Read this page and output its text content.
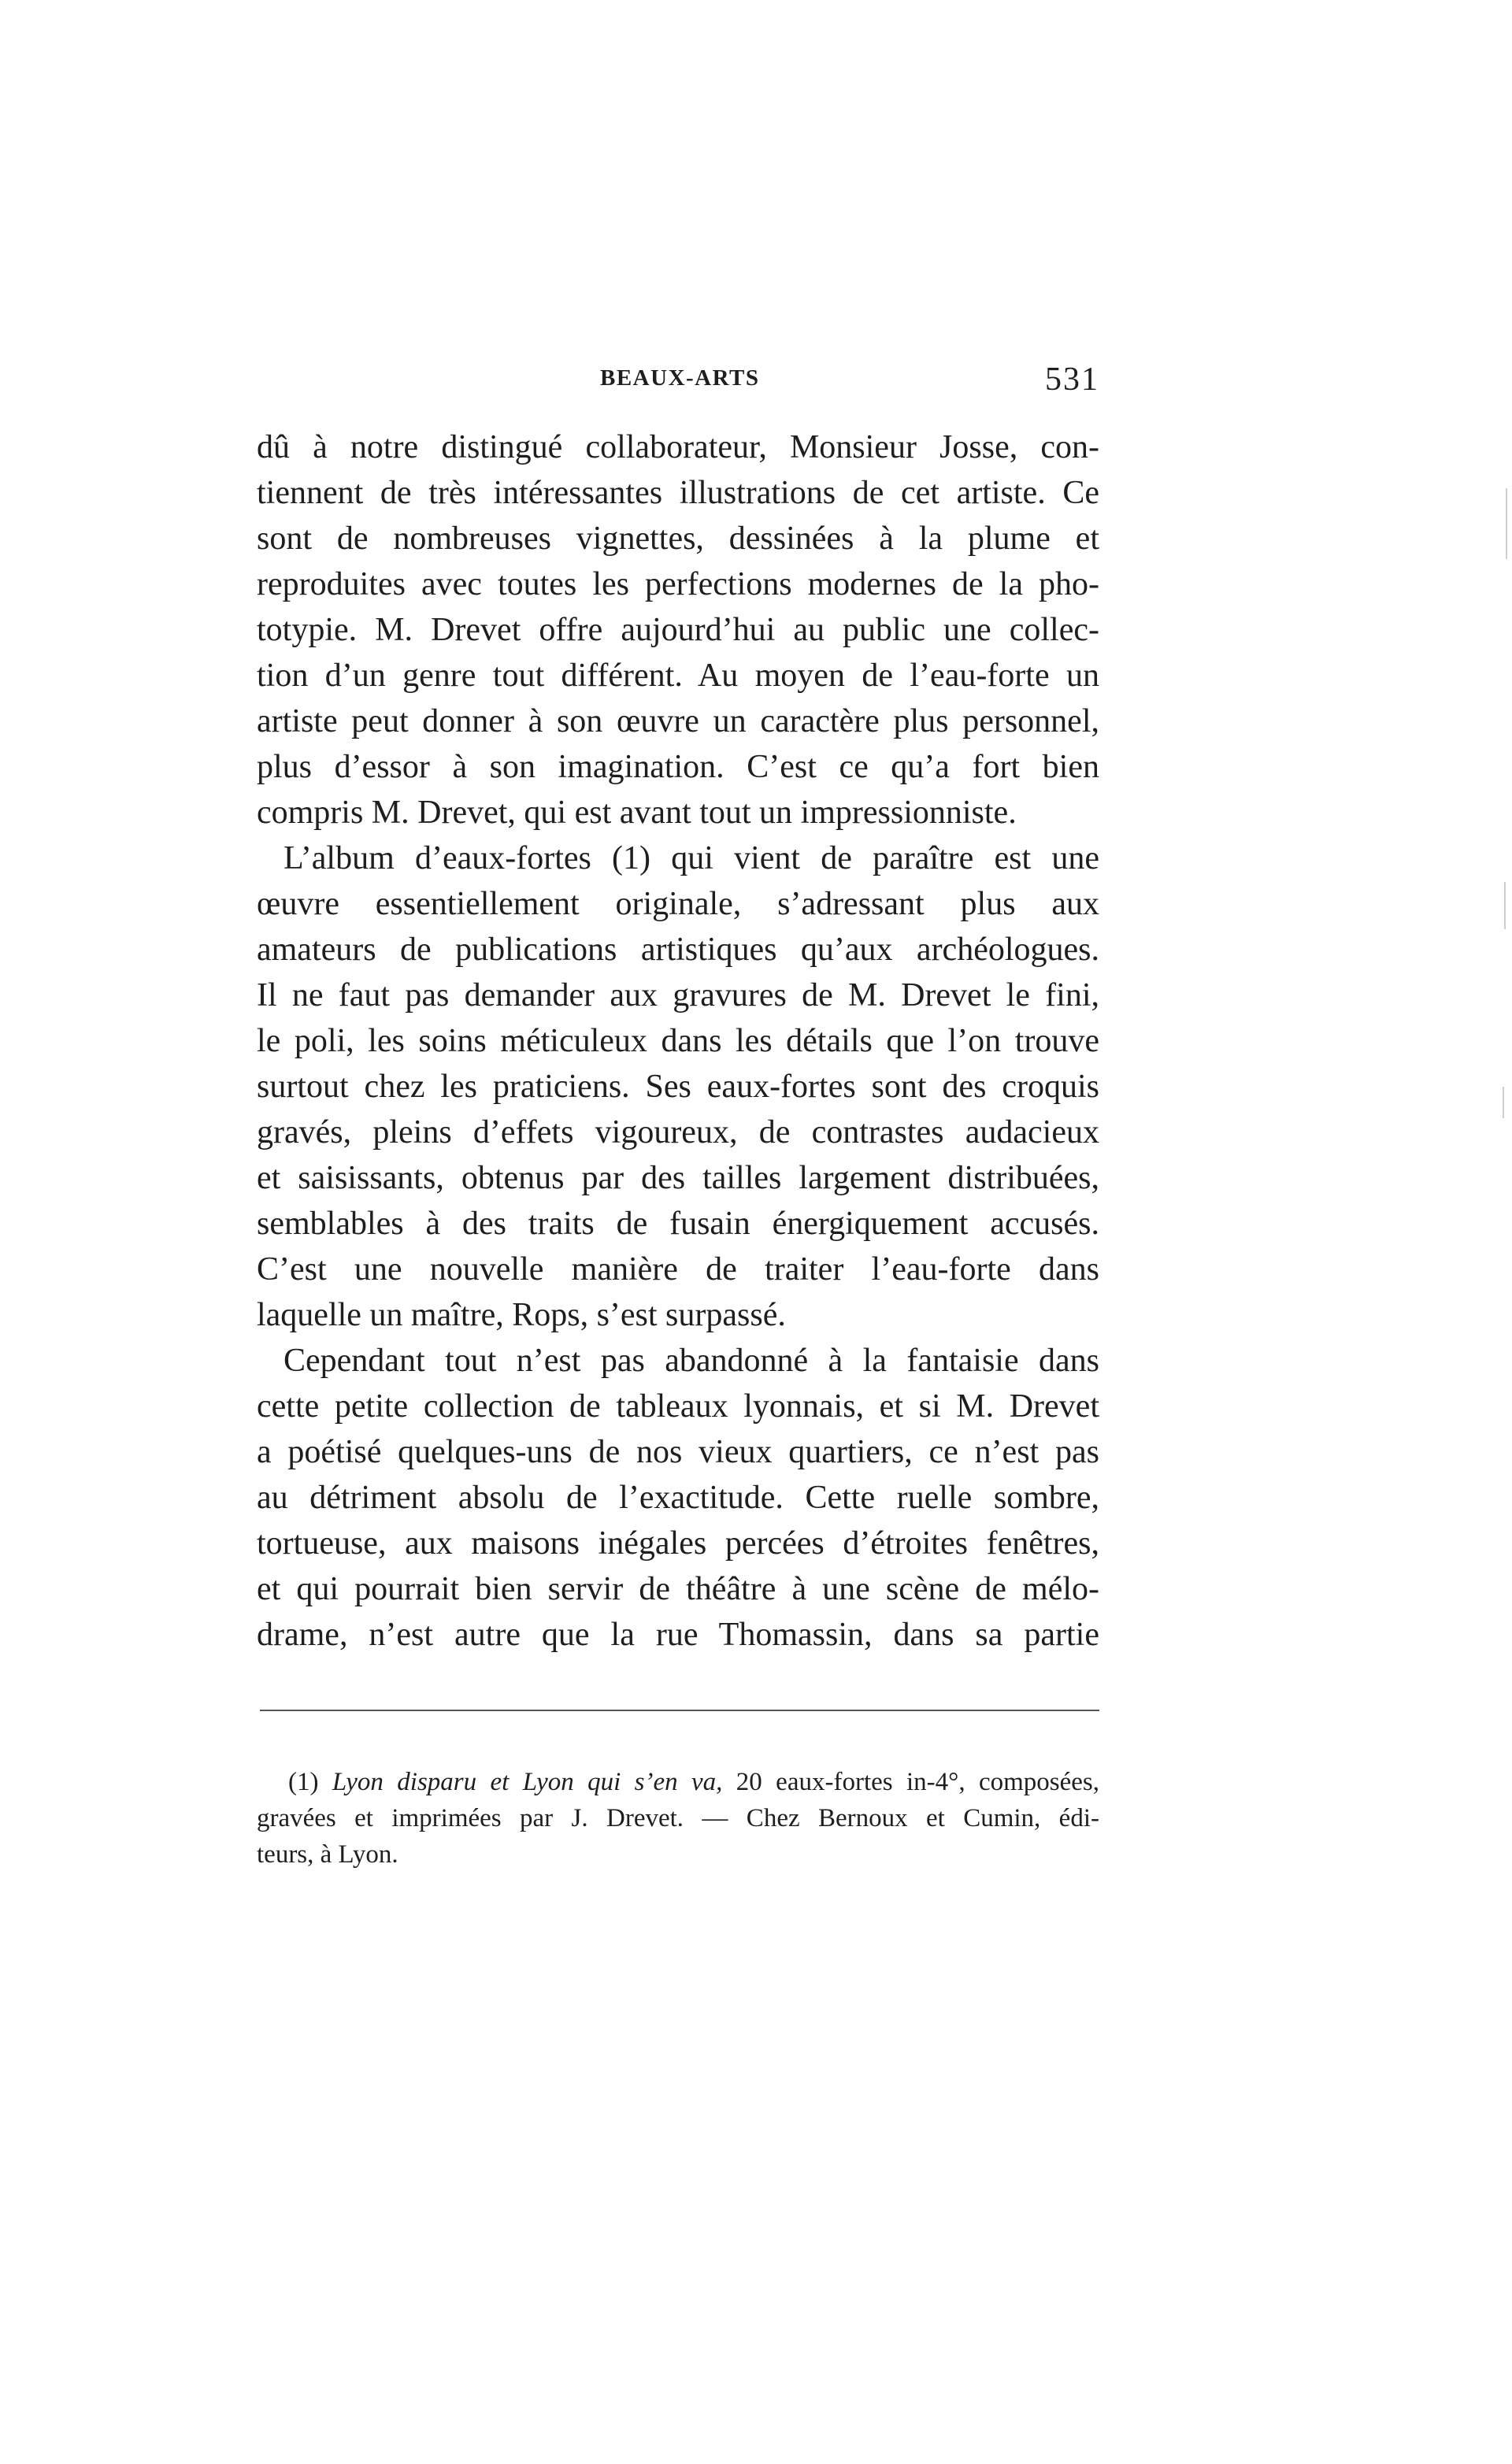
BEAUX-ARTS	531
dû à notre distingué collaborateur, Monsieur Josse, con-
tiennent de très intéressantes illustrations de cet artiste. Ce
sont de nombreuses vignettes, dessinées à la plume et
reproduites avec toutes les perfections modernes de la pho-
totypie. M. Drevet offre aujourd’hui au public une collec-
tion d’un genre tout différent. Au moyen de l’eau-forte un
artiste peut donner à son œuvre un caractère plus personnel,
plus d’essor à son imagination. C’est ce qu’a fort bien
compris M. Drevet, qui est avant tout un impressionniste.
L’album d’eaux-fortes (1) qui vient de paraître est une
œuvre essentiellement originale, s’adressant plus aux
amateurs de publications artistiques qu’aux archéologues.
Il ne faut pas demander aux gravures de M. Drevet le fini,
le poli, les soins méticuleux dans les détails que l’on trouve
surtout chez les praticiens. Ses eaux-fortes sont des croquis
gravés, pleins d’effets vigoureux, de contrastes audacieux
et saisissants, obtenus par des tailles largement distribuées,
semblables à des traits de fusain énergiquement accusés.
C’est une nouvelle manière de traiter l’eau-forte dans
laquelle un maître, Rops, s’est surpassé.
Cependant tout n’est pas abandonné à la fantaisie dans
cette petite collection de tableaux lyonnais, et si M. Drevet
a poétisé quelques-uns de nos vieux quartiers, ce n’est pas
au détriment absolu de l’exactitude. Cette ruelle sombre,
tortueuse, aux maisons inégales percées d’étroites fenêtres,
et qui pourrait bien servir de théâtre à une scène de mélo-
drame, n’est autre que la rue Thomassin, dans sa partie
(1) Lyon disparu et Lyon qui s’en va, 20 eaux-fortes in-4°, composées,
gravées et imprimées par J. Drevet. — Chez Bernoux et Cumin, édi-
teurs, à Lyon.
